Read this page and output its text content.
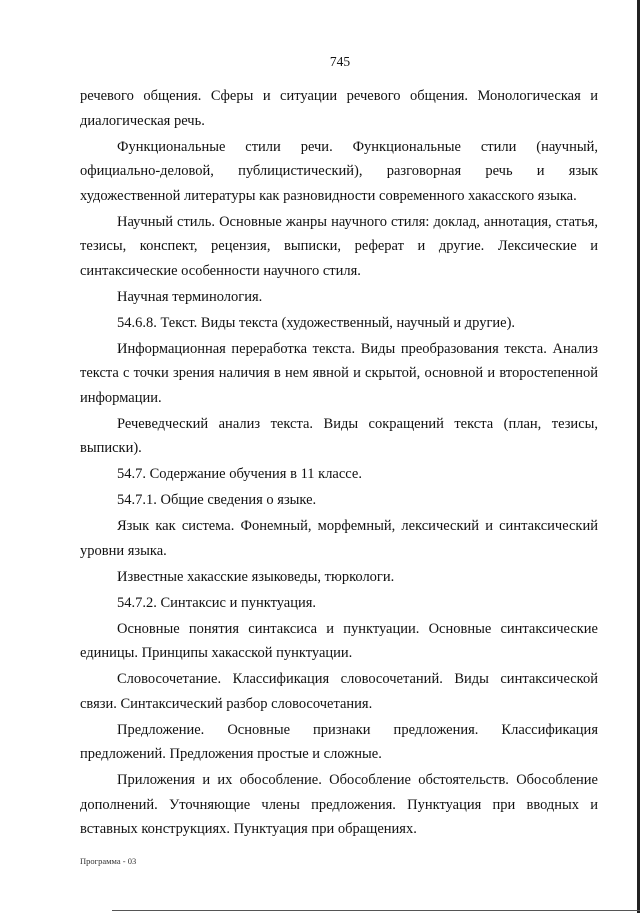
745

речевого общения. Сферы и ситуации речевого общения. Монологическая и диалогическая речь.

Функциональные стили речи. Функциональные стили (научный, официально-деловой, публицистический), разговорная речь и язык художественной литературы как разновидности современного хакасского языка.

Научный стиль. Основные жанры научного стиля: доклад, аннотация, статья, тезисы, конспект, рецензия, выписки, реферат и другие. Лексические и синтаксические особенности научного стиля.

Научная терминология.

54.6.8. Текст. Виды текста (художественный, научный и другие).

Информационная переработка текста. Виды преобразования текста. Анализ текста с точки зрения наличия в нем явной и скрытой, основной и второстепенной информации.

Речеведческий анализ текста. Виды сокращений текста (план, тезисы, выписки).

54.7. Содержание обучения в 11 классе.

54.7.1. Общие сведения о языке.

Язык как система. Фонемный, морфемный, лексический и синтаксический уровни языка.

Известные хакасские языковеды, тюркологи.

54.7.2. Синтаксис и пунктуация.

Основные понятия синтаксиса и пунктуации. Основные синтаксические единицы. Принципы хакасской пунктуации.

Словосочетание. Классификация словосочетаний. Виды синтаксической связи. Синтаксический разбор словосочетания.

Предложение. Основные признаки предложения. Классификация предложений. Предложения простые и сложные.

Приложения и их обособление. Обособление обстоятельств. Обособление дополнений. Уточняющие члены предложения. Пунктуация при вводных и вставных конструкциях. Пунктуация при обращениях.

Программа - 03
